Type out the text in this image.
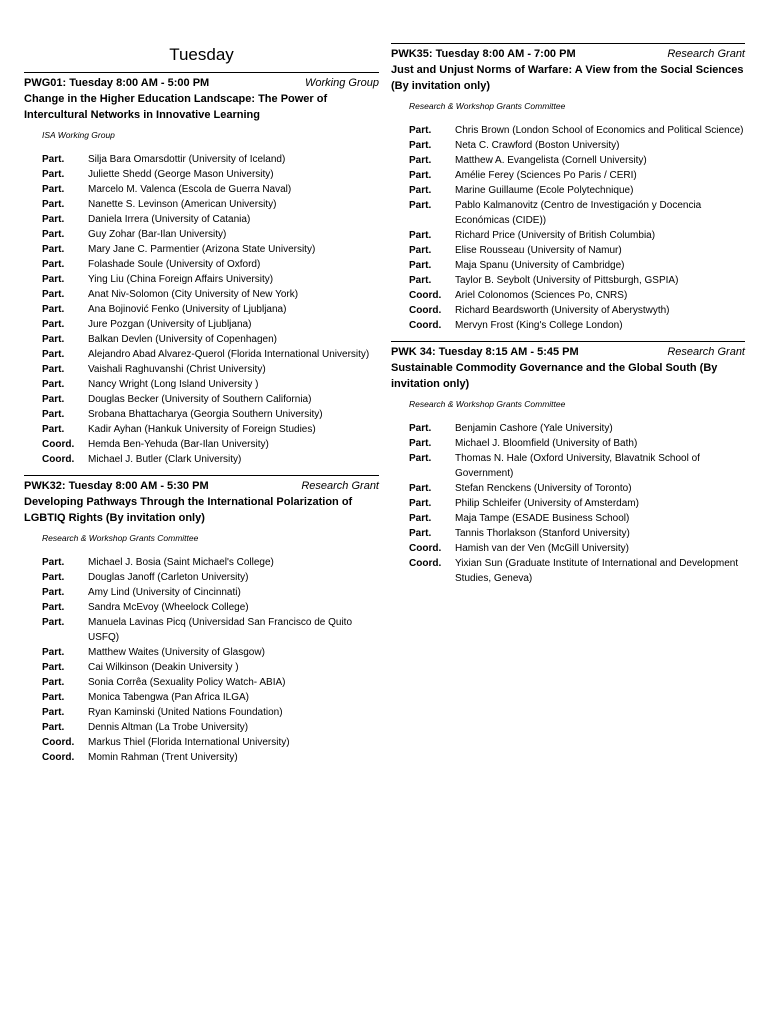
Tuesday
PWG01: Tuesday 8:00 AM - 5:00 PM	Working Group
Change in the Higher Education Landscape: The Power of Intercultural Networks in Innovative Learning
ISA Working Group
Part.	Silja Bara Omarsdottir (University of Iceland)
Part.	Juliette Shedd (George Mason University)
Part.	Marcelo M. Valenca (Escola de Guerra Naval)
Part.	Nanette S. Levinson (American University)
Part.	Daniela Irrera (University of Catania)
Part.	Guy Zohar (Bar-Ilan University)
Part.	Mary Jane C. Parmentier (Arizona State University)
Part.	Folashade Soule (University of Oxford)
Part.	Ying Liu (China Foreign Affairs University)
Part.	Anat Niv-Solomon (City University of New York)
Part.	Ana Bojinović Fenko (University of Ljubljana)
Part.	Jure Pozgan (University of Ljubljana)
Part.	Balkan Devlen (University of Copenhagen)
Part.	Alejandro Abad Alvarez-Querol (Florida International University)
Part.	Vaishali Raghuvanshi (Christ University)
Part.	Nancy Wright (Long Island University )
Part.	Douglas Becker (University of Southern California)
Part.	Srobana Bhattacharya (Georgia Southern University)
Part.	Kadir Ayhan (Hankuk University of Foreign Studies)
Coord.	Hemda Ben-Yehuda (Bar-Ilan University)
Coord.	Michael J. Butler (Clark University)
PWK32: Tuesday 8:00 AM - 5:30 PM	Research Grant
Developing Pathways Through the International Polarization of LGBTIQ Rights (By invitation only)
Research & Workshop Grants Committee
Part.	Michael J. Bosia (Saint Michael's College)
Part.	Douglas Janoff (Carleton University)
Part.	Amy Lind (University of Cincinnati)
Part.	Sandra McEvoy (Wheelock College)
Part.	Manuela Lavinas Picq (Universidad San Francisco de Quito USFQ)
Part.	Matthew Waites (University of Glasgow)
Part.	Cai Wilkinson (Deakin University )
Part.	Sonia Corrêa (Sexuality Policy Watch- ABIA)
Part.	Monica Tabengwa (Pan Africa ILGA)
Part.	Ryan Kaminski (United Nations Foundation)
Part.	Dennis Altman (La Trobe University)
Coord.	Markus Thiel (Florida International University)
Coord.	Momin Rahman (Trent University)
PWK35: Tuesday 8:00 AM - 7:00 PM	Research Grant
Just and Unjust Norms of Warfare: A View from the Social Sciences (By invitation only)
Research & Workshop Grants Committee
Part.	Chris Brown (London School of Economics and Political Science)
Part.	Neta C. Crawford (Boston University)
Part.	Matthew A. Evangelista (Cornell University)
Part.	Amélie Ferey (Sciences Po Paris / CERI)
Part.	Marine Guillaume (Ecole Polytechnique)
Part.	Pablo Kalmanovitz (Centro de Investigación y Docencia Económicas (CIDE))
Part.	Richard Price (University of British Columbia)
Part.	Elise Rousseau (University of Namur)
Part.	Maja Spanu (University of Cambridge)
Part.	Taylor B. Seybolt (University of Pittsburgh, GSPIA)
Coord.	Ariel Colonomos (Sciences Po, CNRS)
Coord.	Richard Beardsworth (University of Aberystwyth)
Coord.	Mervyn Frost (King's College London)
PWK 34: Tuesday 8:15 AM - 5:45 PM	Research Grant
Sustainable Commodity Governance and the Global South (By invitation only)
Research & Workshop Grants Committee
Part.	Benjamin Cashore (Yale University)
Part.	Michael J. Bloomfield (University of Bath)
Part.	Thomas N. Hale (Oxford University, Blavatnik School of Government)
Part.	Stefan Renckens (University of Toronto)
Part.	Philip Schleifer (University of Amsterdam)
Part.	Maja Tampe (ESADE Business School)
Part.	Tannis Thorlakson (Stanford University)
Coord.	Hamish van der Ven (McGill University)
Coord.	Yixian Sun (Graduate Institute of International and Development Studies, Geneva)
